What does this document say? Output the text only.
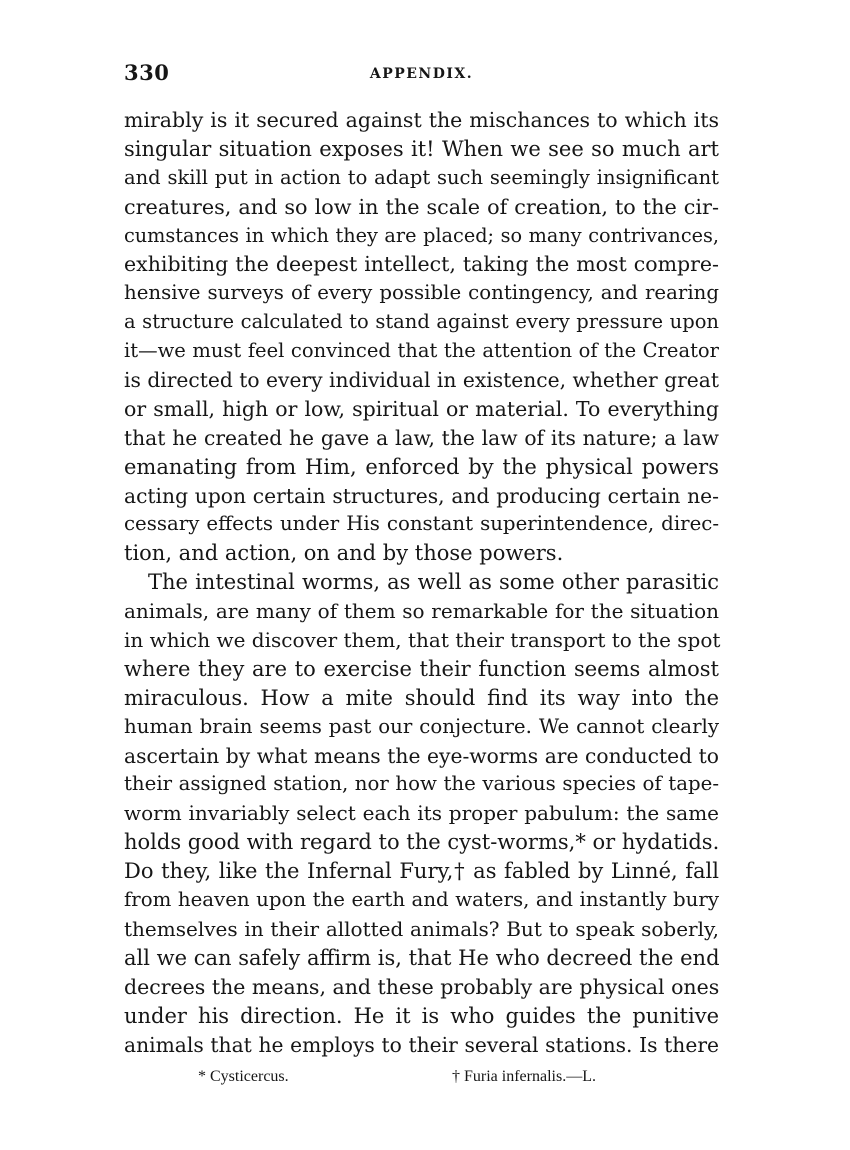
330	APPENDIX.
mirably is it secured against the mischances to which its
singular situation exposes it! When we see so much art
and skill put in action to adapt such seemingly insignificant
creatures, and so low in the scale of creation, to the cir-
cumstances in which they are placed; so many contrivances,
exhibiting the deepest intellect, taking the most compre-
hensive surveys of every possible contingency, and rearing
a structure calculated to stand against every pressure upon
it—we must feel convinced that the attention of the Creator
is directed to every individual in existence, whether great
or small, high or low, spiritual or material. To everything
that he created he gave a law, the law of its nature; a law
emanating from Him, enforced by the physical powers
acting upon certain structures, and producing certain ne-
cessary effects under His constant superintendence, direc-
tion, and action, on and by those powers.
The intestinal worms, as well as some other parasitic
animals, are many of them so remarkable for the situation
in which we discover them, that their transport to the spot
where they are to exercise their function seems almost
miraculous. How a mite should find its way into the
human brain seems past our conjecture. We cannot clearly
ascertain by what means the eye-worms are conducted to
their assigned station, nor how the various species of tape-
worm invariably select each its proper pabulum: the same
holds good with regard to the cyst-worms,* or hydatids.
Do they, like the Infernal Fury,† as fabled by Linné, fall
from heaven upon the earth and waters, and instantly bury
themselves in their allotted animals? But to speak soberly,
all we can safely affirm is, that He who decreed the end
decrees the means, and these probably are physical ones
under his direction. He it is who guides the punitive
animals that he employs to their several stations. Is there
* Cysticercus.	† Furia infernalis.—L.
